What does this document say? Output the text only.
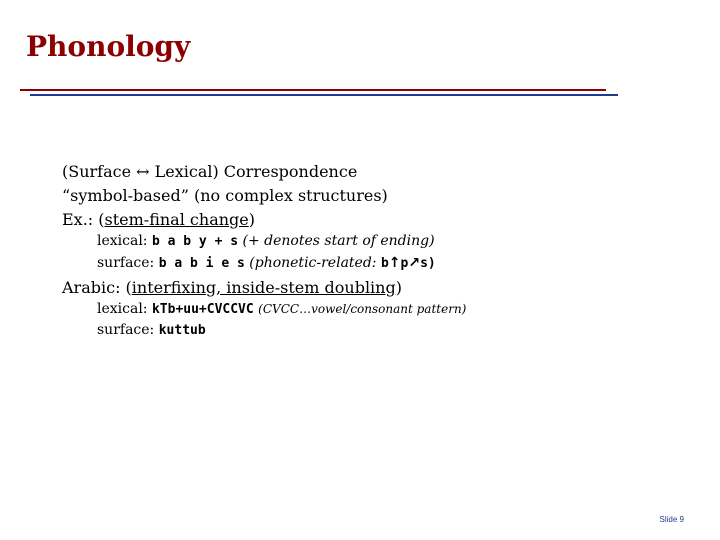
Phonology
(Surface ↔ Lexical) Correspondence
“symbol-based” (no complex structures)
Ex.: (stem-final change)
lexical: b a b y + s (+ denotes start of ending)
surface: b a b i e s (phonetic-related: b↑p↗s)
Arabic: (interfixing, inside-stem doubling)
lexical: kTb+uu+CVCCVC (CVCC…vowel/consonant pattern)
surface: kuttub
Slide 9
